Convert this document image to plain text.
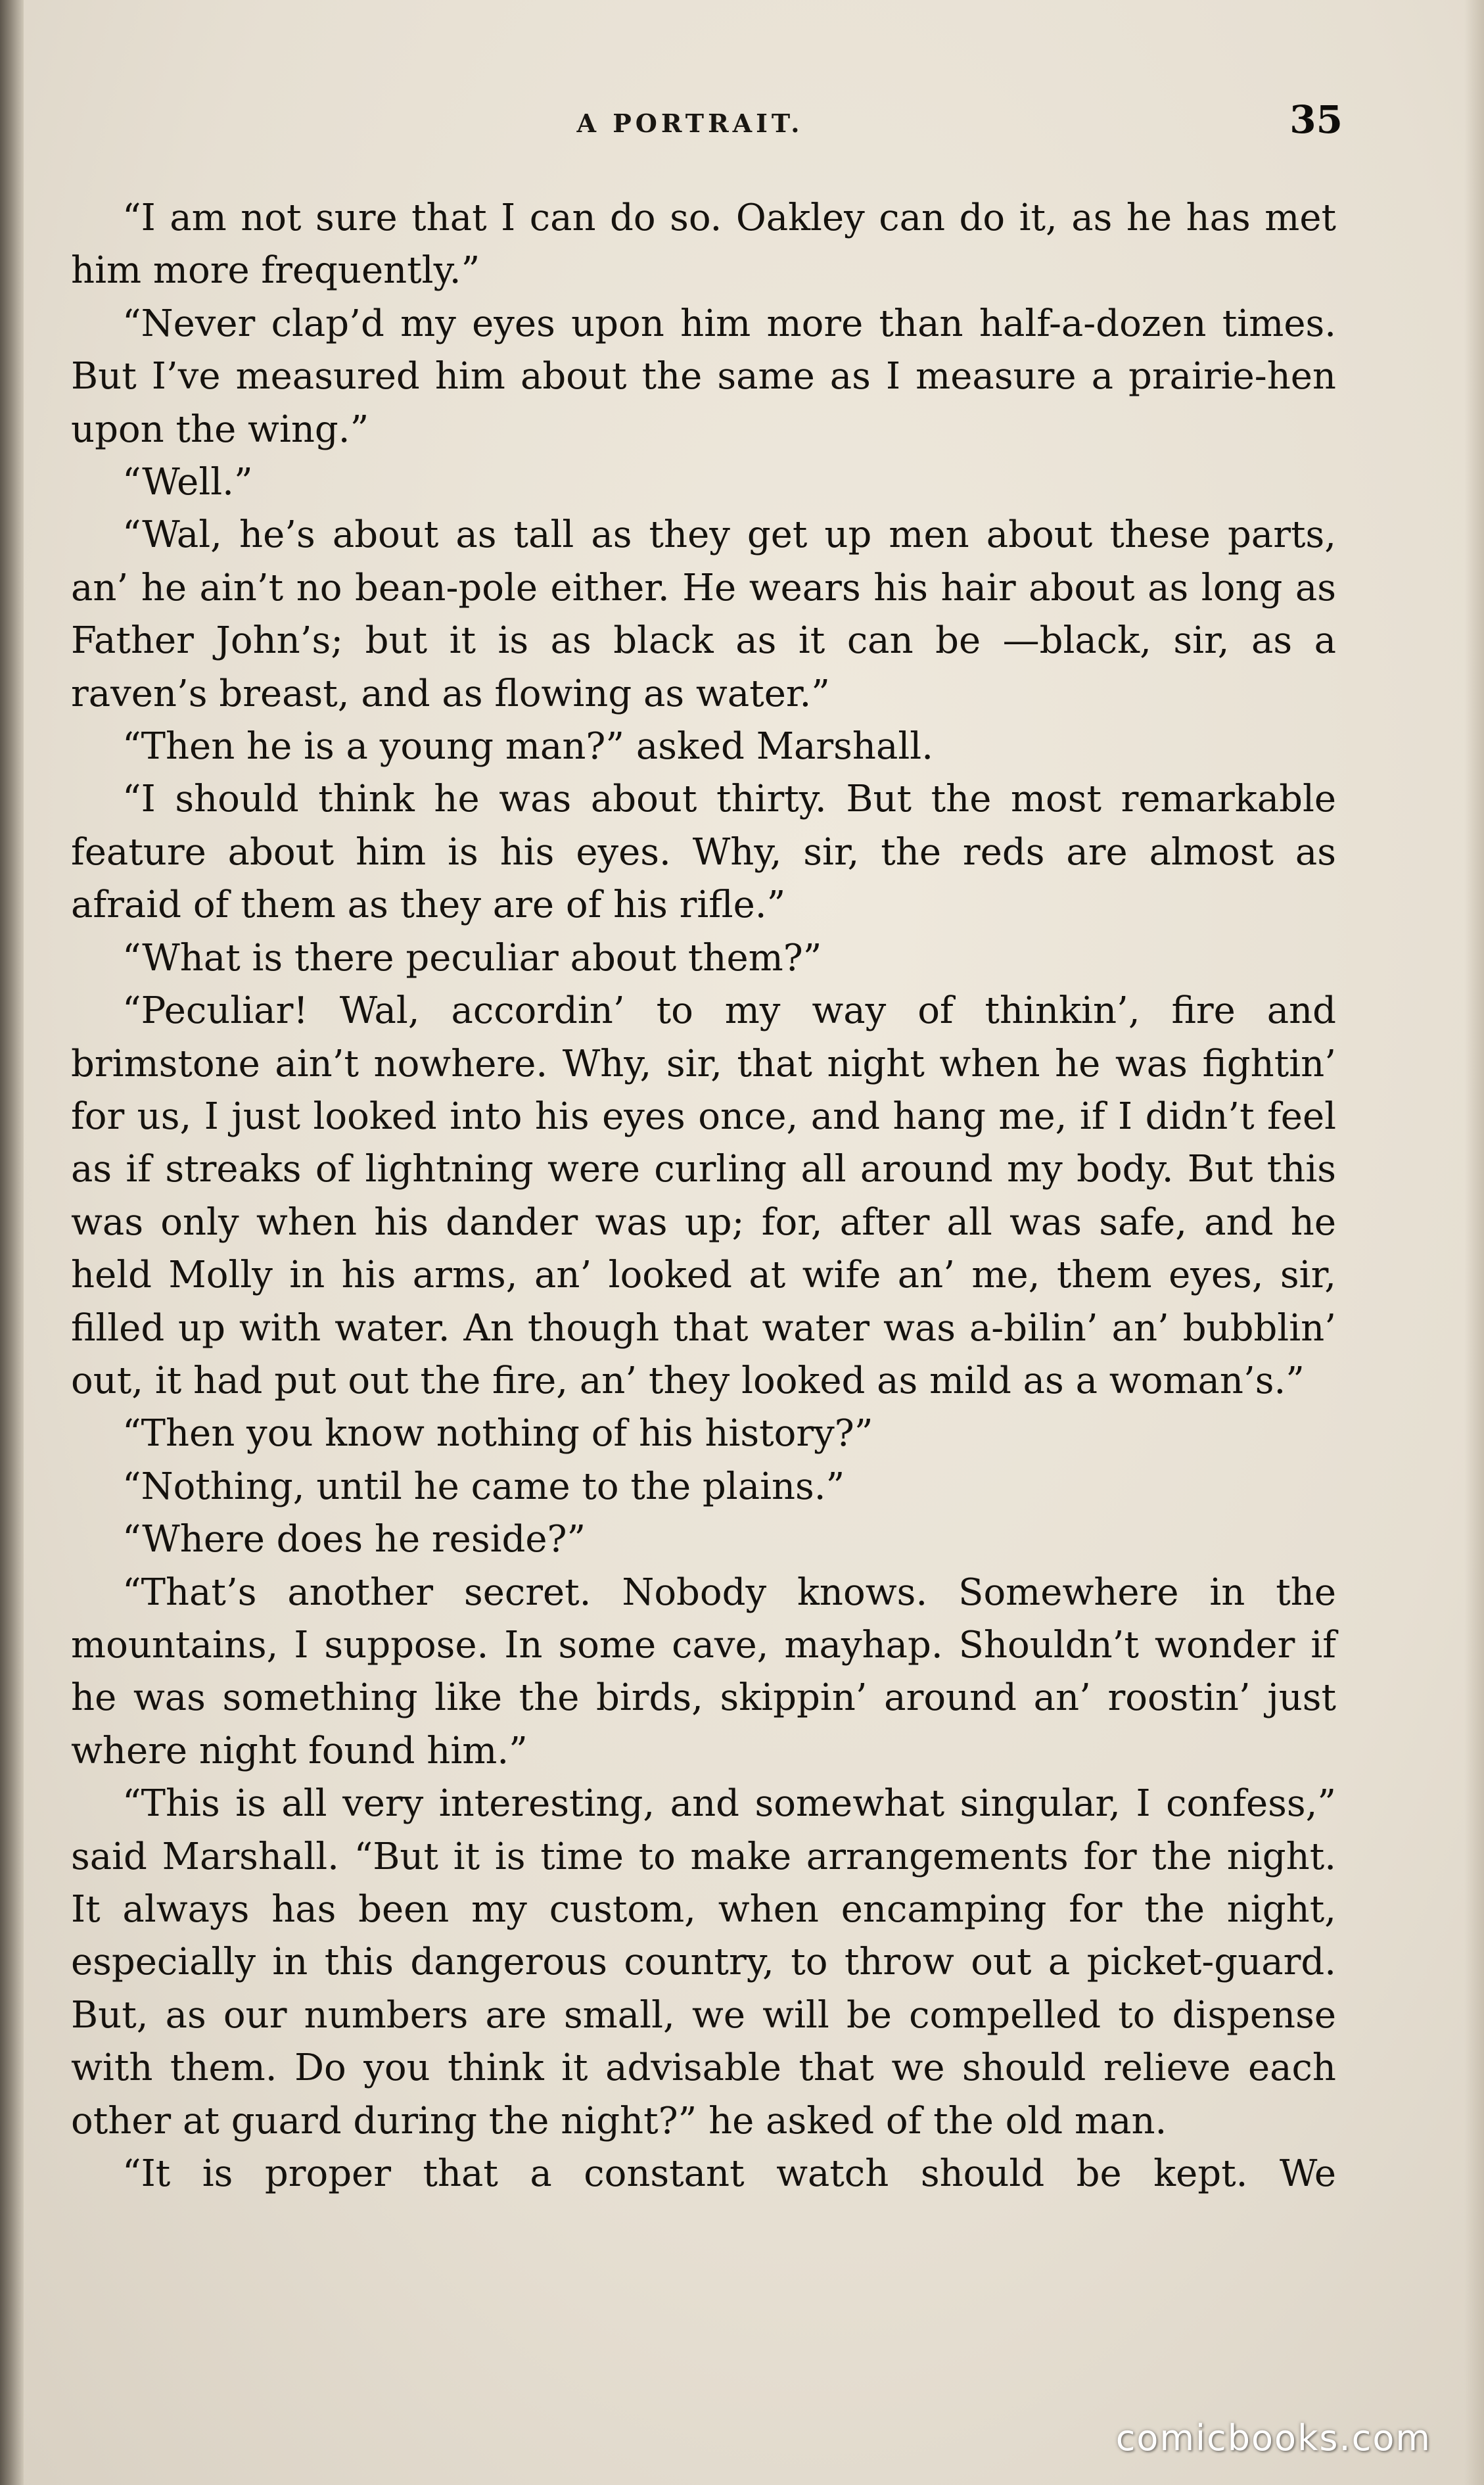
A PORTRAIT.	35

“I am not sure that I can do so. Oakley can do it, as he has met him more frequently.”

“Never clap’d my eyes upon him more than half-a-dozen times. But I’ve measured him about the same as I measure a prairie-hen upon the wing.”

“Well.”

“Wal, he’s about as tall as they get up men about these parts, an’ he ain’t no bean-pole either. He wears his hair about as long as Father John’s; but it is as black as it can be —black, sir, as a raven’s breast, and as flowing as water.”

“Then he is a young man?” asked Marshall.

“I should think he was about thirty. But the most remarkable feature about him is his eyes. Why, sir, the reds are almost as afraid of them as they are of his rifle.”

“What is there peculiar about them?”

“Peculiar! Wal, accordin’ to my way of thinkin’, fire and brimstone ain’t nowhere. Why, sir, that night when he was fightin’ for us, I just looked into his eyes once, and hang me, if I didn’t feel as if streaks of lightning were curling all around my body. But this was only when his dander was up; for, after all was safe, and he held Molly in his arms, an’ looked at wife an’ me, them eyes, sir, filled up with water. An though that water was a-bilin’ an’ bubblin’ out, it had put out the fire, an’ they looked as mild as a woman’s.”

“Then you know nothing of his history?”

“Nothing, until he came to the plains.”

“Where does he reside?”

“That’s another secret. Nobody knows. Somewhere in the mountains, I suppose. In some cave, mayhap. Shouldn’t wonder if he was something like the birds, skippin’ around an’ roostin’ just where night found him.”

“This is all very interesting, and somewhat singular, I confess,” said Marshall. “But it is time to make arrangements for the night. It always has been my custom, when encamping for the night, especially in this dangerous country, to throw out a picket-guard. But, as our numbers are small, we will be compelled to dispense with them. Do you think it advisable that we should relieve each other at guard during the night?” he asked of the old man.

“It is proper that a constant watch should be kept. We

comicbooks.com
